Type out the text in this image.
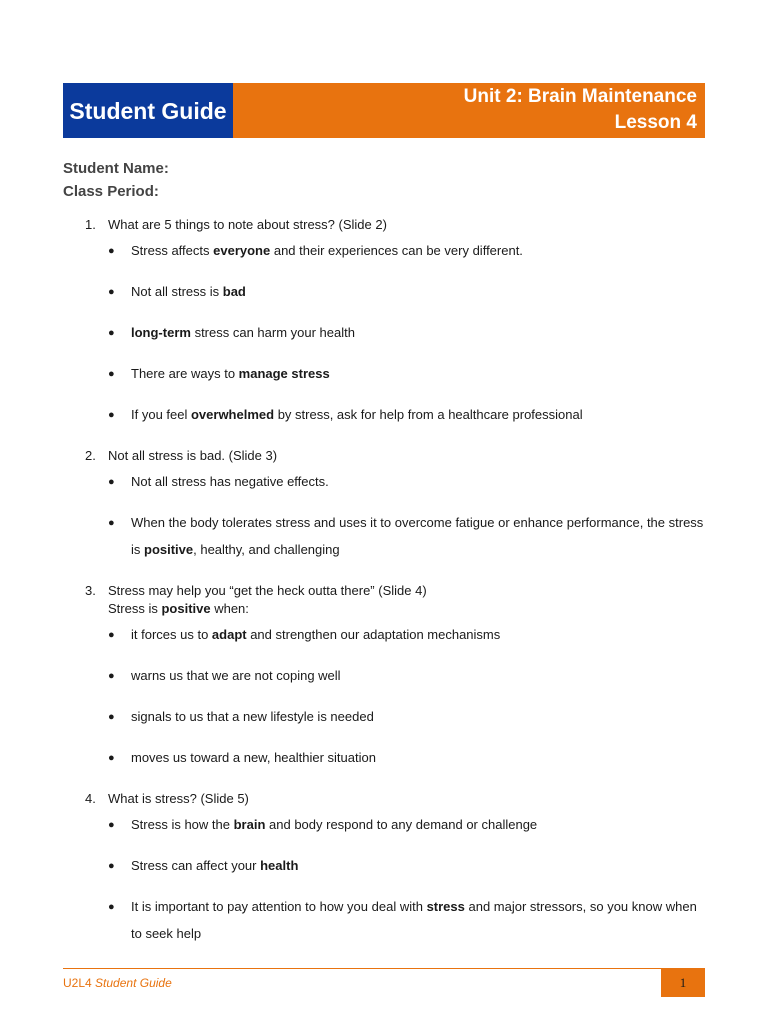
Student Guide
Unit 2: Brain Maintenance
Lesson 4
Student Name:
Class Period:
1. What are 5 things to note about stress? (Slide 2)
●	Stress affects everyone and their experiences can be very different.
●	Not all stress is bad
●	long-term stress can harm your health
●	There are ways to manage stress
●	If you feel overwhelmed by stress, ask for help from a healthcare professional
2. Not all stress is bad. (Slide 3)
●	Not all stress has negative effects.
●	When the body tolerates stress and uses it to overcome fatigue or enhance performance, the stress is positive, healthy, and challenging
3. Stress may help you “get the heck outta there” (Slide 4)
Stress is positive when:
●	it forces us to adapt and strengthen our adaptation mechanisms
●	warns us that we are not coping well
●	signals to us that a new lifestyle is needed
●	moves us toward a new, healthier situation
4. What is stress? (Slide 5)
●	Stress is how the brain and body respond to any demand or challenge
●	Stress can affect your health
●	It is important to pay attention to how you deal with stress and major stressors, so you know when to seek help
U2L4 Student Guide	1
